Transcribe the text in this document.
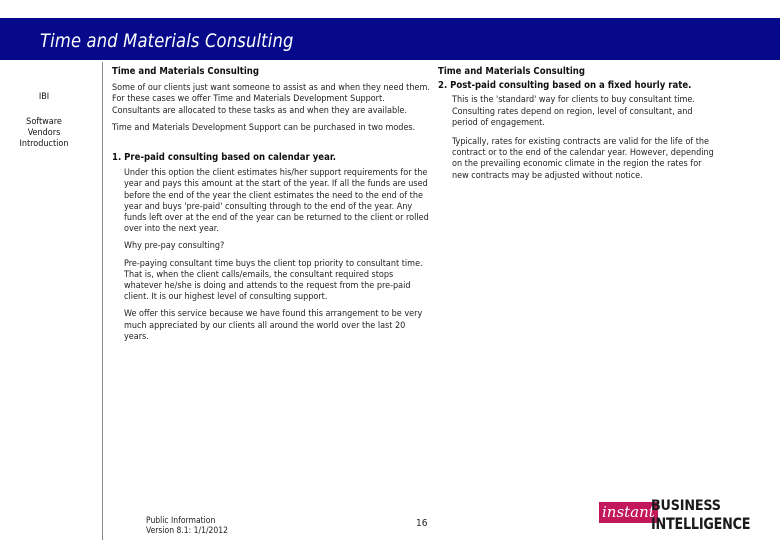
Time and Materials Consulting
IBI
Software
Vendors
Introduction
Time and Materials Consulting

Some of our clients just want someone to assist as and when they need them. For these cases we offer Time and Materials Development Support. Consultants are allocated to these tasks as and when they are available.

Time and Materials Development Support can be purchased in two modes.

1. Pre-paid consulting based on calendar year.

Under this option the client estimates his/her support requirements for the year and pays this amount at the start of the year. If all the funds are used before the end of the year the client estimates the need to the end of the year and buys 'pre-paid' consulting through to the end of the year. Any funds left over at the end of the year can be returned to the client or rolled over into the next year.

Why pre-pay consulting?

Pre-paying consultant time buys the client top priority to consultant time. That is, when the client calls/emails, the consultant required stops whatever he/she is doing and attends to the request from the pre-paid client. It is our highest level of consulting support.

We offer this service because we have found this arrangement to be very much appreciated by our clients all around the world over the last 20 years.

Time and Materials Consulting
2. Post-paid consulting based on a fixed hourly rate.

This is the 'standard' way for clients to buy consultant time. Consulting rates depend on region, level of consultant, and period of engagement.

Typically, rates for existing contracts are valid for the life of the contract or to the end of the calendar year. However, depending on the prevailing economic climate in the region the rates for new contracts may be adjusted without notice.

Public Information
Version 8.1: 1/1/2012
16
instant
BUSINESS
INTELLIGENCE
